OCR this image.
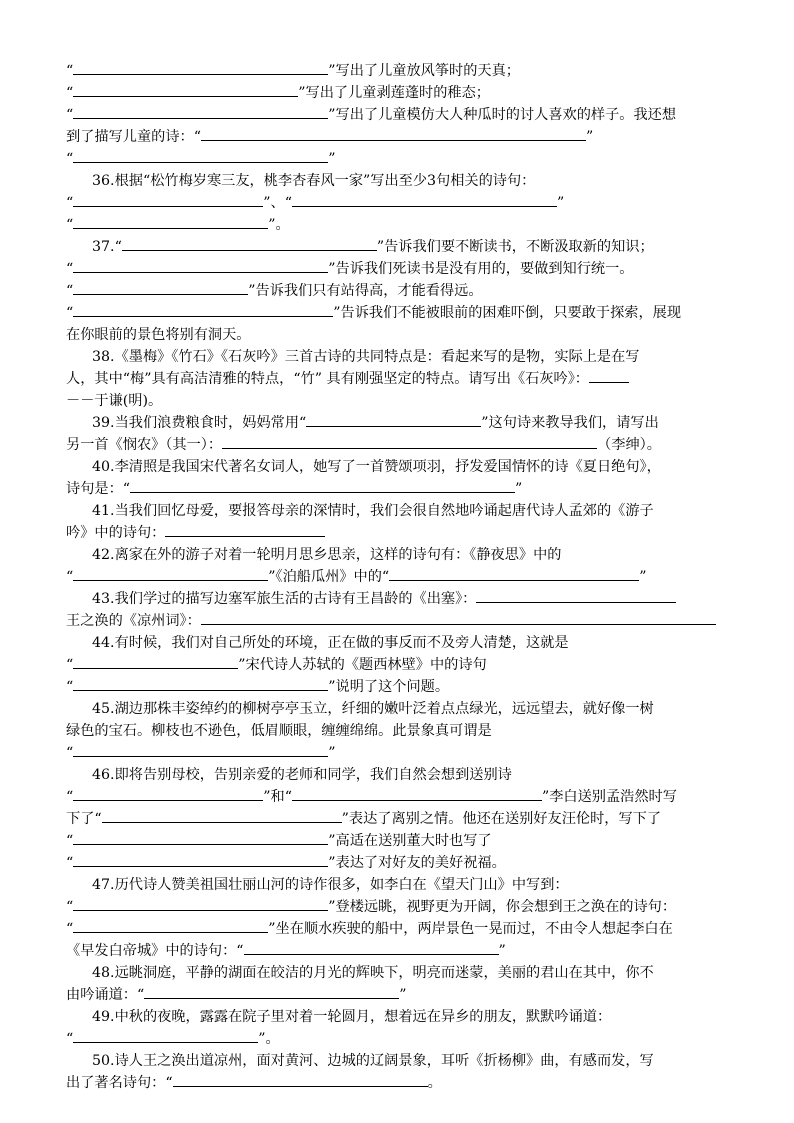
“	”写出了儿童放风筝时的天真；
“	”写出了儿童剥莲蓬时的稚态；
“	”写出了儿童模仿大人种瓜时的讨人喜欢的样子。我还想
到了描写儿童的诗：“	”
“	”
36.根据“松竹梅岁寒三友，桃李杏春风一家”写出至少3句相关的诗句：
“	”、“	”
“	”。
37.“	”告诉我们要不断读书，不断汲取新的知识；
“	”告诉我们死读书是没有用的，要做到知行统一。
“	”告诉我们只有站得高，才能看得远。
“	”告诉我们不能被眼前的困难吓倒，只要敢于探索，展现
在你眼前的景色将别有洞天。
38.《墨梅》《竹石》《石灰吟》三首古诗的共同特点是：看起来写的是物，实际上是在写
人，其中“梅”具有高洁清雅的特点，“竹” 具有刚强坚定的特点。请写出《石灰吟》：
－－于谦(明)。
39.当我们浪费粮食时，妈妈常用“	”这句诗来教导我们，请写出
另一首《悯农》（其一）：	（李绅）。
40.李清照是我国宋代著名女词人，她写了一首赞颂项羽，抒发爱国情怀的诗《夏日绝句》，
诗句是：“	”
41.当我们回忆母爱，要报答母亲的深情时，我们会很自然地吟诵起唐代诗人孟郊的《游子
吟》中的诗句：
42.离家在外的游子对着一轮明月思乡思亲，这样的诗句有：《静夜思》中的
“	”《泊船瓜州》中的“	”
43.我们学过的描写边塞军旅生活的古诗有王昌龄的《出塞》：
王之涣的《凉州词》：
44.有时候，我们对自己所处的环境，正在做的事反而不及旁人清楚，这就是
“	”宋代诗人苏轼的《题西林壁》中的诗句
“	”说明了这个问题。
45.湖边那株丰姿绰约的柳树亭亭玉立，纤细的嫩叶泛着点点绿光，远远望去，就好像一树
绿色的宝石。柳枝也不逊色，低眉顺眼，缠缠绵绵。此景象真可谓是
“	”
46.即将告别母校，告别亲爱的老师和同学，我们自然会想到送别诗
“	”和“	”李白送别孟浩然时写
下了“	”表达了离别之情。他还在送别好友汪伦时，写下了
“	”高适在送别董大时也写了
“	”表达了对好友的美好祝福。
47.历代诗人赞美祖国壮丽山河的诗作很多，如李白在《望天门山》中写到：
“	”登楼远眺，视野更为开阔，你会想到王之涣在的诗句：
“	”坐在顺水疾驶的船中，两岸景色一晃而过，不由令人想起李白在
《早发白帝城》中的诗句：“	”
48.远眺洞庭，平静的湖面在皎洁的月光的辉映下，明亮而迷蒙，美丽的君山在其中，你不
由吟诵道：“	”
49.中秋的夜晚，露露在院子里对着一轮圆月，想着远在异乡的朋友，默默吟诵道：
“	”。
50.诗人王之涣出道凉州，面对黄河、边城的辽阔景象，耳听《折杨柳》曲，有感而发，写
出了著名诗句：“	。
